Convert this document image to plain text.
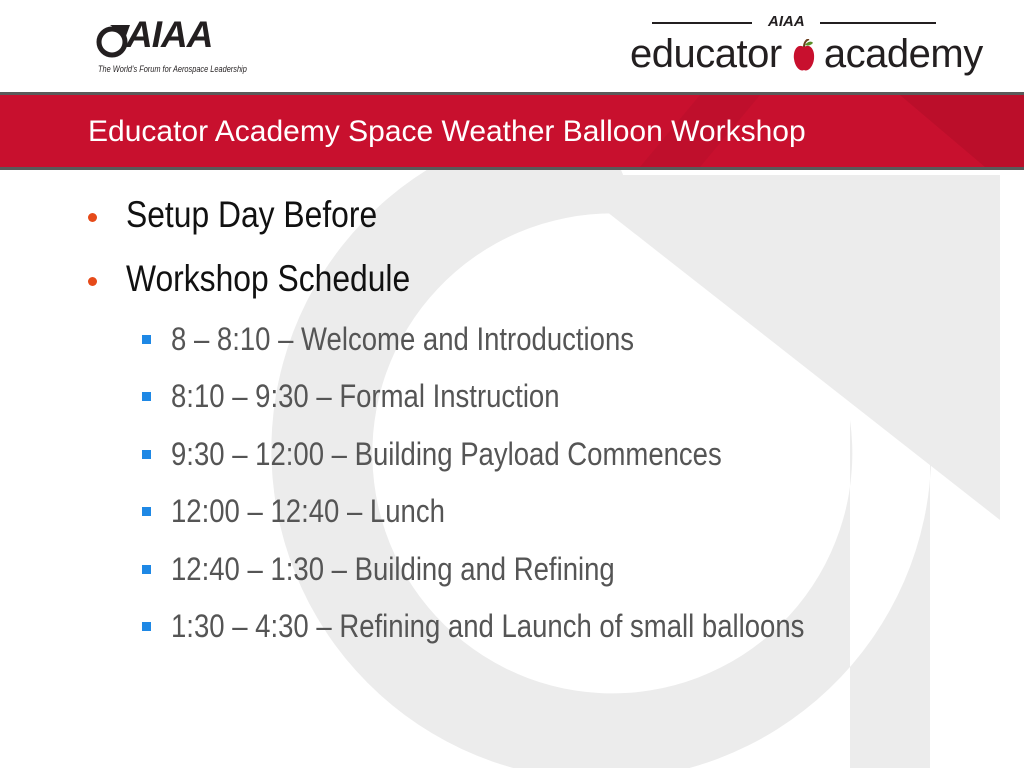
AIAA
The World's Forum for Aerospace Leadership
AIAA
educator academy
Educator Academy Space Weather Balloon Workshop
Setup Day Before
Workshop Schedule
8 – 8:10 – Welcome and Introductions
8:10 – 9:30 – Formal Instruction
9:30 – 12:00 – Building Payload Commences
12:00 – 12:40 – Lunch
12:40 – 1:30 – Building and Refining
1:30 – 4:30 – Refining and Launch of small balloons
